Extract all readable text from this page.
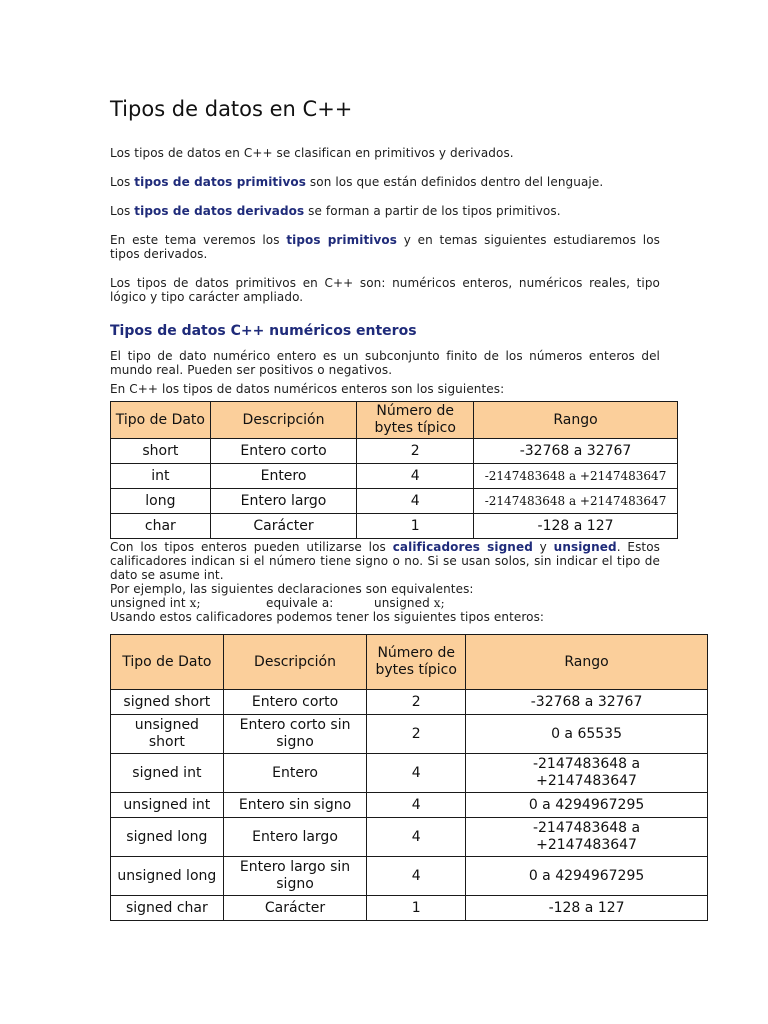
Tipos de datos en C++

Los tipos de datos en C++ se clasifican en primitivos y derivados.

Los tipos de datos primitivos son los que están definidos dentro del lenguaje.

Los tipos de datos derivados se forman a partir de los tipos primitivos.

En este tema veremos los tipos primitivos y en temas siguientes estudiaremos los tipos derivados.

Los tipos de datos primitivos en C++ son: numéricos enteros, numéricos reales, tipo lógico y tipo carácter ampliado.

Tipos de datos C++ numéricos enteros

El tipo de dato numérico entero es un subconjunto finito de los números enteros del mundo real. Pueden ser positivos o negativos.

En C++ los tipos de datos numéricos enteros son los siguientes:

Tipo de Dato	Descripción	Número de bytes típico	Rango
short	Entero corto	2	-32768 a 32767
int	Entero	4	-2147483648 a +2147483647
long	Entero largo	4	-2147483648 a +2147483647
char	Carácter	1	-128 a 127

Con los tipos enteros pueden utilizarse los calificadores signed y unsigned. Estos calificadores indican si el número tiene signo o no. Si se usan solos, sin indicar el tipo de dato se asume int.

Por ejemplo, las siguientes declaraciones son equivalentes:

unsigned int x;	equivale a:	unsigned x;

Usando estos calificadores podemos tener los siguientes tipos enteros:

Tipo de Dato	Descripción	Número de bytes típico	Rango
signed short	Entero corto	2	-32768 a 32767
unsigned short	Entero corto sin signo	2	0 a 65535
signed int	Entero	4	-2147483648 a +2147483647
unsigned int	Entero sin signo	4	0 a 4294967295
signed long	Entero largo	4	-2147483648 a +2147483647
unsigned long	Entero largo sin signo	4	0 a 4294967295
signed char	Carácter	1	-128 a 127
